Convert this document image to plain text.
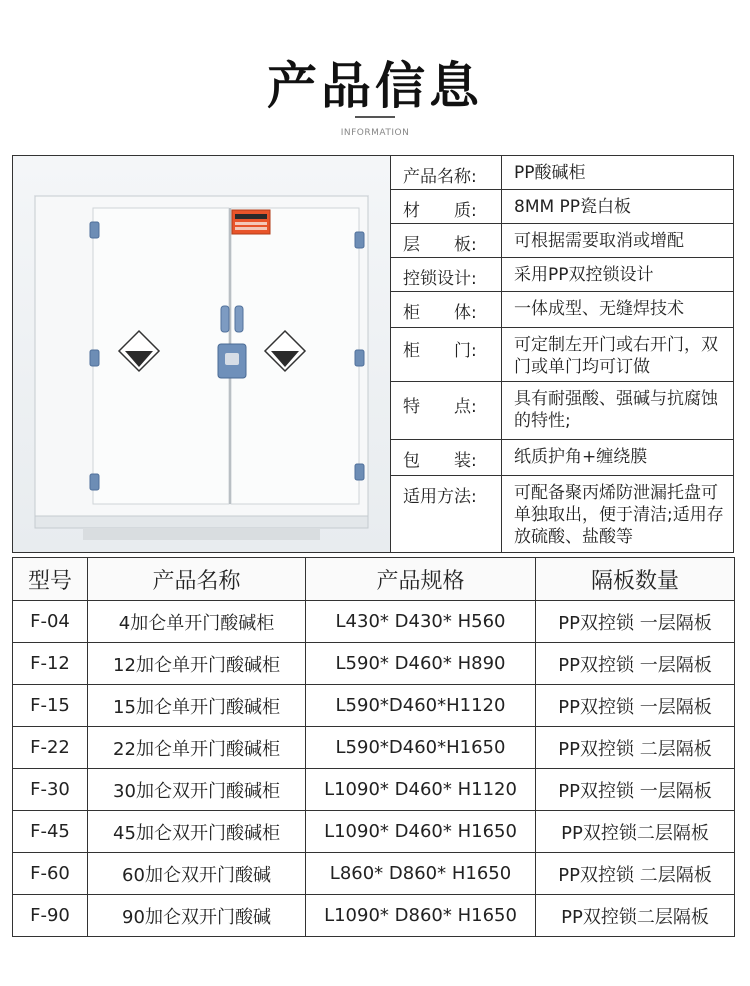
产品信息
INFORMATION
产品名称:	PP酸碱柜
材　　质:	8MM PP瓷白板
层　　板:	可根据需要取消或增配
控锁设计:	采用PP双控锁设计
柜　　体:	一体成型、无缝焊技术
柜　　门:	可定制左开门或右开门，双门或单门均可订做
特　　点:	具有耐强酸、强碱与抗腐蚀的特性;
包　　装:	纸质护角+缠绕膜
适用方法:	可配备聚丙烯防泄漏托盘可单独取出，便于清洁;适用存放硫酸、盐酸等
型号	产品名称	产品规格	隔板数量
F-04	4加仑单开门酸碱柜	L430* D430* H560	PP双控锁 一层隔板
F-12	12加仑单开门酸碱柜	L590* D460* H890	PP双控锁 一层隔板
F-15	15加仑单开门酸碱柜	L590*D460*H1120	PP双控锁 一层隔板
F-22	22加仑单开门酸碱柜	L590*D460*H1650	PP双控锁 二层隔板
F-30	30加仑双开门酸碱柜	L1090* D460* H1120	PP双控锁 一层隔板
F-45	45加仑双开门酸碱柜	L1090* D460* H1650	PP双控锁二层隔板
F-60	60加仑双开门酸碱	L860* D860* H1650	PP双控锁 二层隔板
F-90	90加仑双开门酸碱	L1090* D860* H1650	PP双控锁二层隔板
